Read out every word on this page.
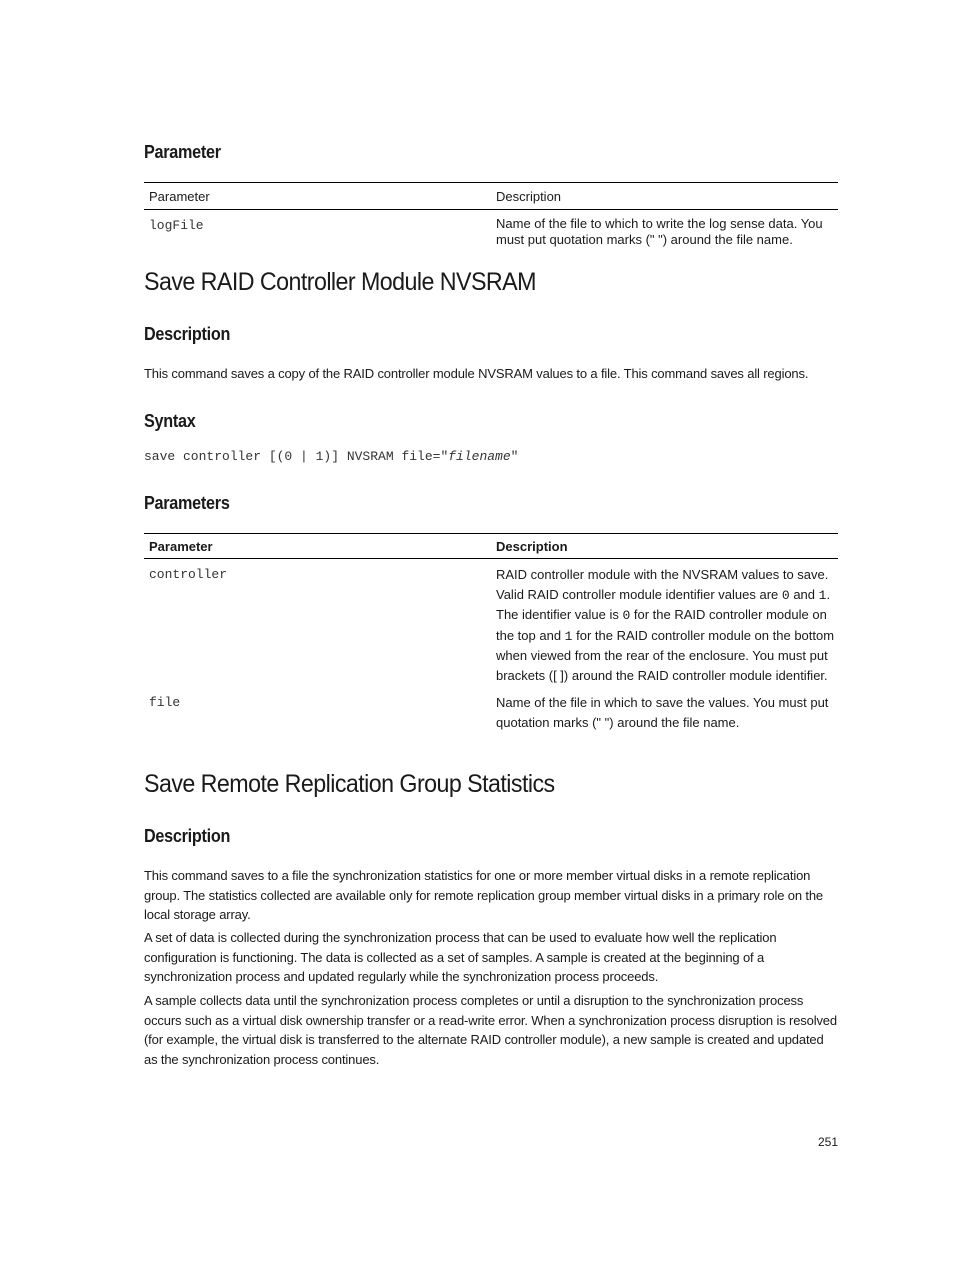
Parameter
Parameter	Description
logFile	Name of the file to which to write the log sense data. You must put quotation marks (" ") around the file name.
Save RAID Controller Module NVSRAM
Description

This command saves a copy of the RAID controller module NVSRAM values to a file. This command saves all regions.

Syntax
save controller [(0 | 1)] NVSRAM file="filename"
Parameters
Parameter	Description
controller	RAID controller module with the NVSRAM values to save. Valid RAID controller module identifier values are 0 and 1. The identifier value is 0 for the RAID controller module on the top and 1 for the RAID controller module on the bottom when viewed from the rear of the enclosure. You must put brackets ([ ]) around the RAID controller module identifier.
file	Name of the file in which to save the values. You must put quotation marks (" ") around the file name.
Save Remote Replication Group Statistics
Description

This command saves to a file the synchronization statistics for one or more member virtual disks in a remote replication group. The statistics collected are available only for remote replication group member virtual disks in a primary role on the local storage array.

A set of data is collected during the synchronization process that can be used to evaluate how well the replication configuration is functioning. The data is collected as a set of samples. A sample is created at the beginning of a synchronization process and updated regularly while the synchronization process proceeds.

A sample collects data until the synchronization process completes or until a disruption to the synchronization process occurs such as a virtual disk ownership transfer or a read-write error. When a synchronization process disruption is resolved (for example, the virtual disk is transferred to the alternate RAID controller module), a new sample is created and updated as the synchronization process continues.

251
